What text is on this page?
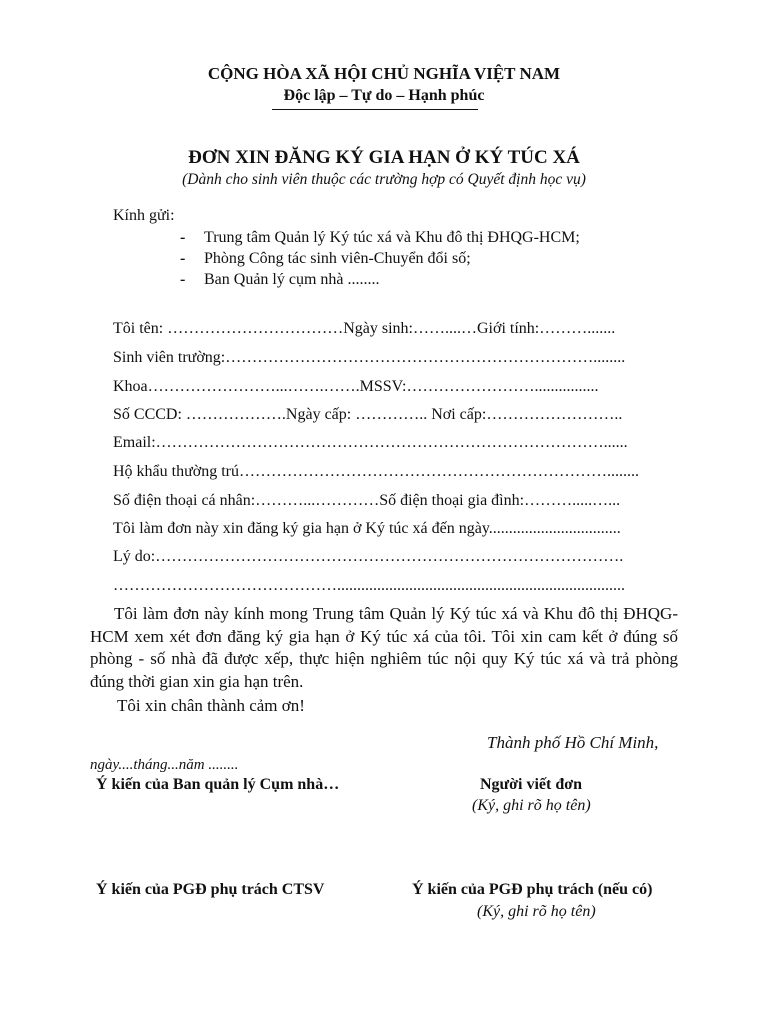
CỘNG HÒA XÃ HỘI CHỦ NGHĨA VIỆT NAM
Độc lập – Tự do – Hạnh phúc
ĐƠN XIN ĐĂNG KÝ GIA HẠN Ở KÝ TÚC XÁ
(Dành cho sinh viên thuộc các trường hợp có Quyết định học vụ)
Kính gửi:
- Trung tâm Quản lý Ký túc xá và Khu đô thị ĐHQG-HCM;
- Phòng Công tác sinh viên-Chuyển đổi số;
- Ban Quản lý cụm nhà ........
Tôi tên: ……………………………Ngày sinh:……....…Giới tính:……….......
Sinh viên trường:……………………………………………………………........
Khoa……………………...…….…….MSSV:……………………................
Số CCCD: ……………….Ngày cấp: ………….. Nơi cấp:……………………..
Email:…………………………………………………………………………......
Hộ khẩu thường trú……………………………………………………………........
Số điện thoại cá nhân:………...…………Số điện thoại gia đình:……….....…...
Tôi làm đơn này xin đăng ký gia hạn ở Ký túc xá đến ngày.................................
Lý do:…………………………………………………………………………….
……………………………………........................................................................
Tôi làm đơn này kính mong Trung tâm Quản lý Ký túc xá và Khu đô thị ĐHQG-HCM xem xét đơn đăng ký gia hạn ở Ký túc xá của tôi. Tôi xin cam kết ở đúng số phòng - số nhà đã được xếp, thực hiện nghiêm túc nội quy Ký túc xá và trả phòng đúng thời gian xin gia hạn trên.
Tôi xin chân thành cảm ơn!
Thành phố Hồ Chí Minh,
ngày....tháng...năm ........
Ý kiến của Ban quản lý Cụm nhà…	Người viết đơn
(Ký, ghi rõ họ tên)
Ý kiến của PGĐ phụ trách CTSV	Ý kiến của PGĐ phụ trách (nếu có)
(Ký, ghi rõ họ tên)
